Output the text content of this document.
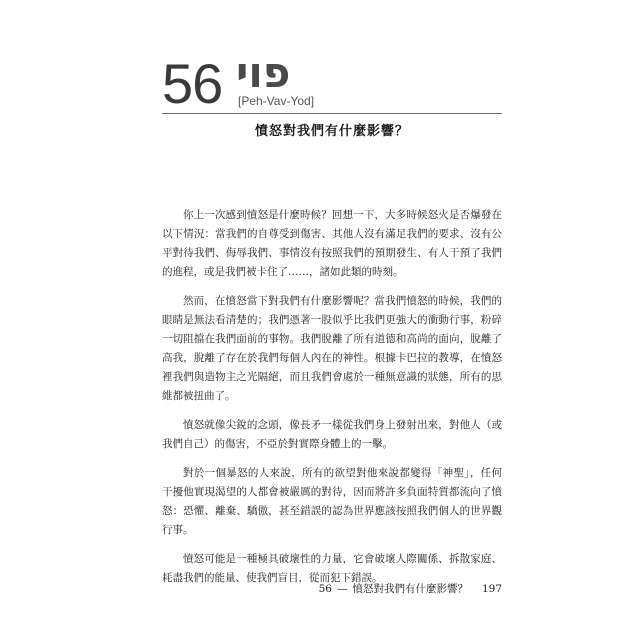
56 פוי
[Peh-Vav-Yod]
憤怒對我們有什麼影響？

你上一次感到憤怒是什麼時候？回想一下，大多時候怒火是否爆發在以下情況：當我們的自尊受到傷害、其他人沒有滿足我們的要求、沒有公平對待我們、侮辱我們、事情沒有按照我們的預期發生、有人干預了我們的進程，或是我們被卡住了……，諸如此類的時刻。

然而，在憤怒當下對我們有什麼影響呢？當我們憤怒的時候，我們的眼睛是無法看清楚的；我們憑著一股似乎比我們更強大的衝動行事，粉碎一切阻擋在我們面前的事物。我們脫離了所有道德和高尚的面向，脫離了高我，脫離了存在於我們每個人內在的神性。根據卡巴拉的教導，在憤怒裡我們與造物主之光隔絕，而且我們會處於一種無意識的狀態，所有的思維都被扭曲了。

憤怒就像尖銳的念頭，像長矛一樣從我們身上發射出來，對他人（或我們自己）的傷害，不亞於對實際身體上的一擊。

對於一個暴怒的人來說，所有的欲望對他來說都變得「神聖」，任何干擾他實現渴望的人都會被嚴厲的對待，因而將許多負面特質都流向了憤怒：恐懼、離棄、驕傲，甚至錯誤的認為世界應該按照我們個人的世界觀行事。

憤怒可能是一種極具破壞性的力量，它會破壞人際關係、拆散家庭、耗盡我們的能量、使我們盲目，從而犯下錯誤。

56 — 憤怒對我們有什麼影響？ 197
